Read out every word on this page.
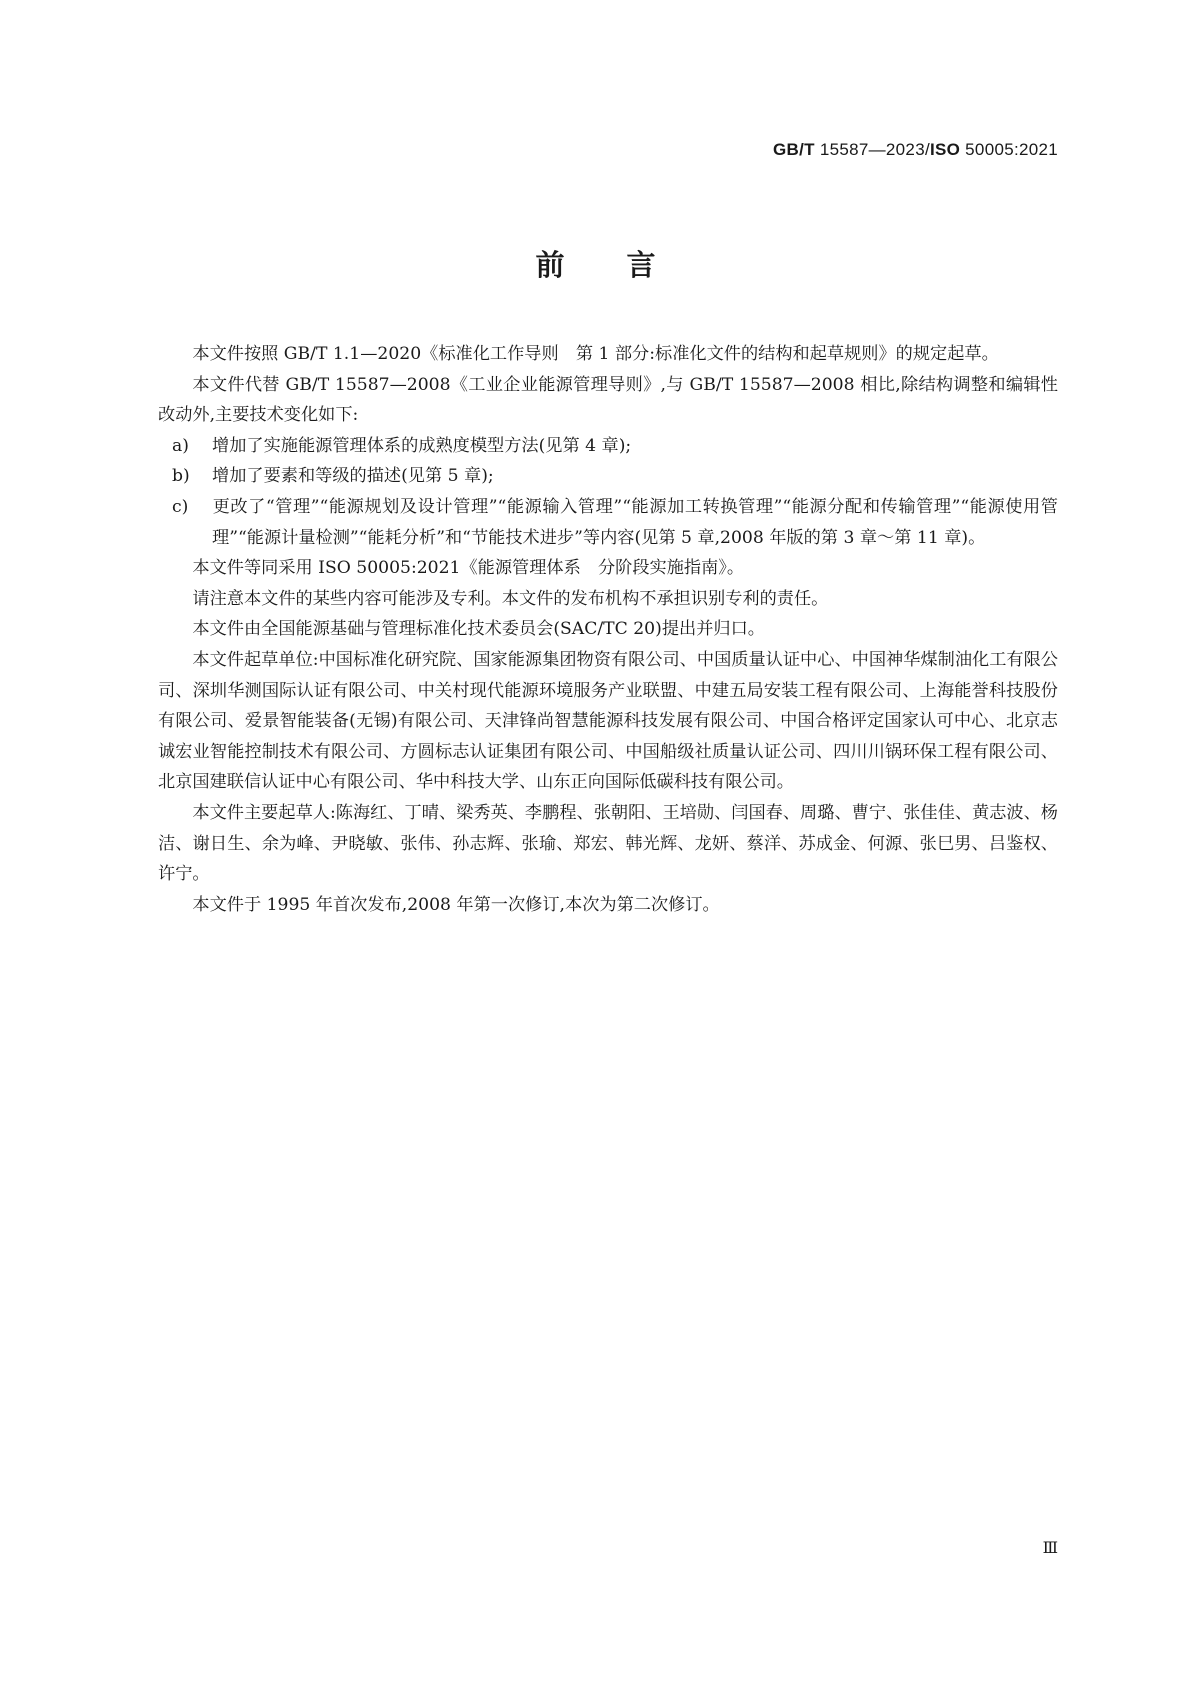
GB/T 15587—2023/ISO 50005:2021
前言

本文件按照 GB/T 1.1—2020《标准化工作导则　第 1 部分:标准化文件的结构和起草规则》的规定起草。

本文件代替 GB/T 15587—2008《工业企业能源管理导则》,与 GB/T 15587—2008 相比,除结构调整和编辑性改动外,主要技术变化如下:

a) 增加了实施能源管理体系的成熟度模型方法(见第 4 章);

b) 增加了要素和等级的描述(见第 5 章);

c) 更改了“管理”“能源规划及设计管理”“能源输入管理”“能源加工转换管理”“能源分配和传输管理”“能源使用管理”“能源计量检测”“能耗分析”和“节能技术进步”等内容(见第 5 章,2008 年版的第 3 章～第 11 章)。

本文件等同采用 ISO 50005:2021《能源管理体系　分阶段实施指南》。

请注意本文件的某些内容可能涉及专利。本文件的发布机构不承担识别专利的责任。

本文件由全国能源基础与管理标准化技术委员会(SAC/TC 20)提出并归口。

本文件起草单位:中国标准化研究院、国家能源集团物资有限公司、中国质量认证中心、中国神华煤制油化工有限公司、深圳华测国际认证有限公司、中关村现代能源环境服务产业联盟、中建五局安装工程有限公司、上海能誉科技股份有限公司、爱景智能装备(无锡)有限公司、天津锋尚智慧能源科技发展有限公司、中国合格评定国家认可中心、北京志诚宏业智能控制技术有限公司、方圆标志认证集团有限公司、中国船级社质量认证公司、四川川锅环保工程有限公司、北京国建联信认证中心有限公司、华中科技大学、山东正向国际低碳科技有限公司。

本文件主要起草人:陈海红、丁晴、梁秀英、李鹏程、张朝阳、王培勋、闫国春、周璐、曹宁、张佳佳、黄志波、杨洁、谢日生、余为峰、尹晓敏、张伟、孙志辉、张瑜、郑宏、韩光辉、龙妍、蔡洋、苏成金、何源、张巳男、吕鉴权、许宁。

本文件于 1995 年首次发布,2008 年第一次修订,本次为第二次修订。

Ⅲ
